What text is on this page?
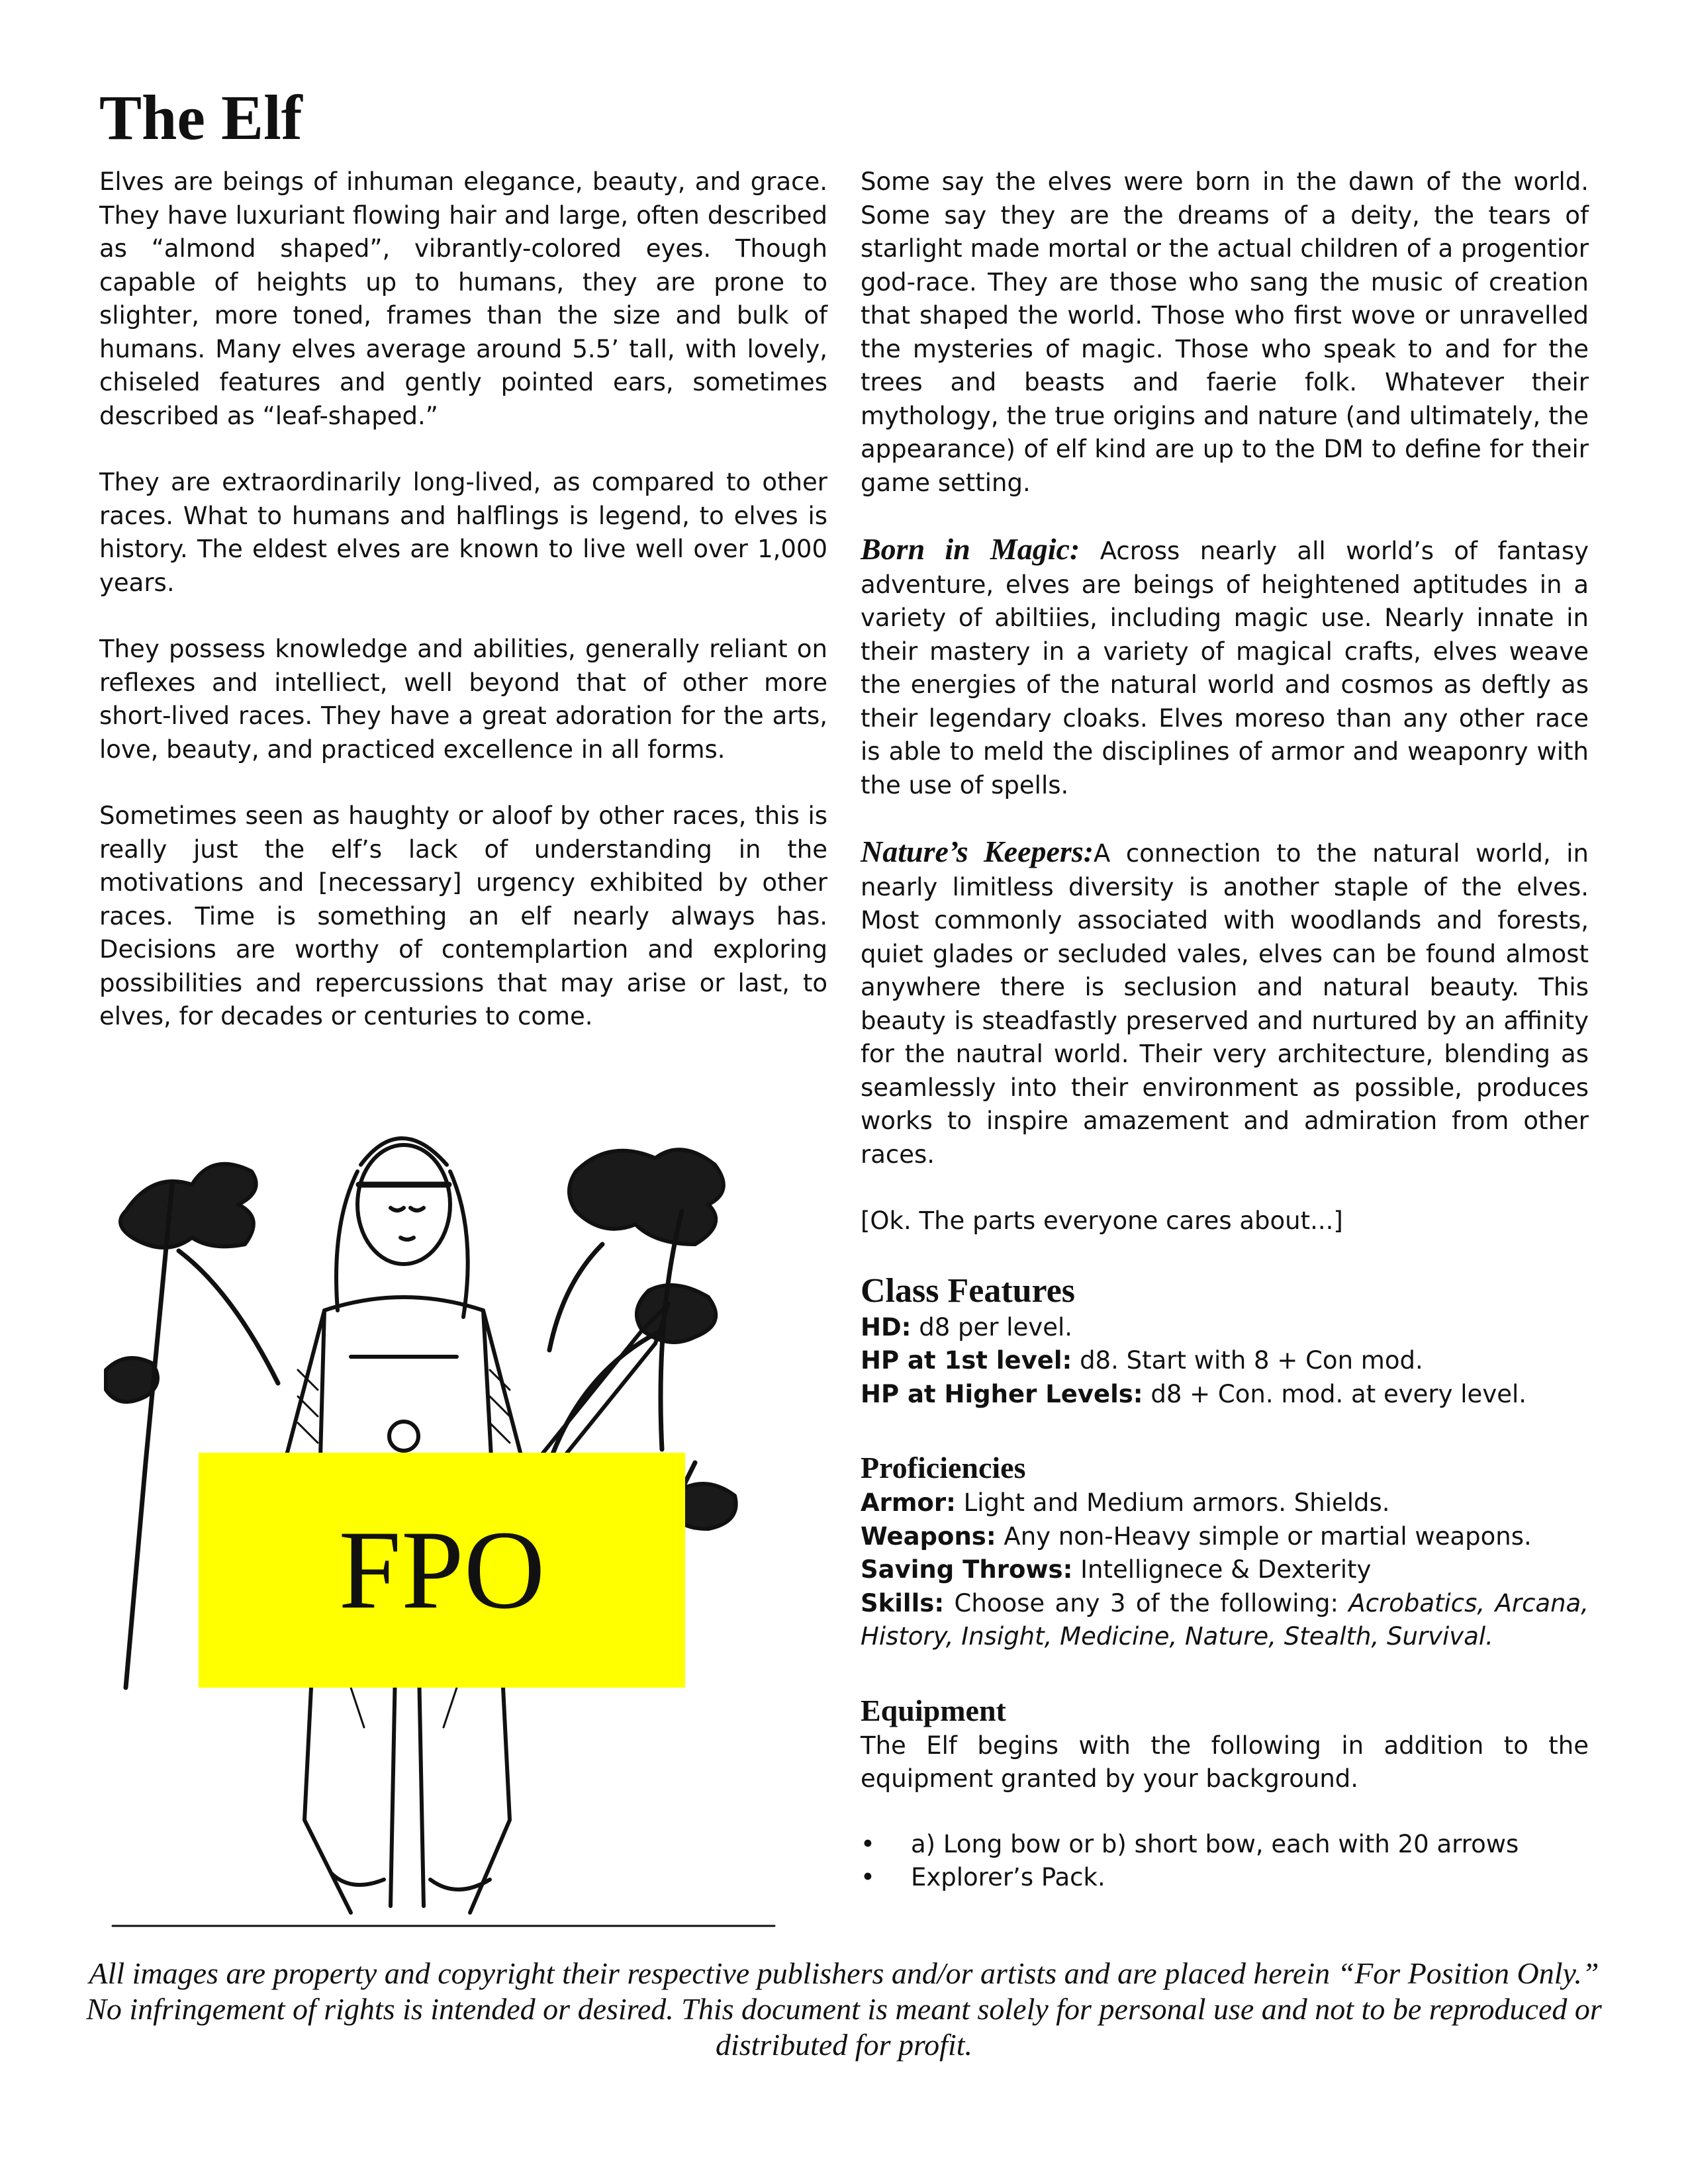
The Elf

Elves are beings of inhuman elegance, beauty, and grace. They have luxuriant flowing hair and large, often described as “almond shaped”, vibrantly-colored eyes. Though capable of heights up to humans, they are prone to slighter, more toned, frames than the size and bulk of humans. Many elves average around 5.5’ tall, with lovely, chiseled features and gently pointed ears, sometimes described as “leaf-shaped.”

They are extraordinarily long-lived, as compared to other races. What to humans and halflings is legend, to elves is history. The eldest elves are known to live well over 1,000 years.

They possess knowledge and abilities, generally reliant on reflexes and intelliect, well beyond that of other more short-lived races. They have a great adoration for the arts, love, beauty, and practiced excellence in all forms.

Sometimes seen as haughty or aloof by other races, this is really just the elf’s lack of understanding in the motivations and [necessary] urgency exhibited by other races. Time is something an elf nearly always has. Decisions are worthy of contemplartion and exploring possibilities and repercussions that may arise or last, to elves, for decades or centuries to come.

Some say the elves were born in the dawn of the world. Some say they are the dreams of a deity, the tears of starlight made mortal or the actual children of a progentior god-race. They are those who sang the music of creation that shaped the world. Those who first wove or unravelled the mysteries of magic. Those who speak to and for the trees and beasts and faerie folk. Whatever their mythology, the true origins and nature (and ultimately, the appearance) of elf kind are up to the DM to define for their game setting.

Born in Magic: Across nearly all world’s of fantasy adventure, elves are beings of heightened aptitudes in a variety of abiltiies, including magic use. Nearly innate in their mastery in a variety of magical crafts, elves weave the energies of the natural world and cosmos as deftly as their legendary cloaks. Elves moreso than any other race is able to meld the disciplines of armor and weaponry with the use of spells.

Nature’s Keepers:A connection to the natural world, in nearly limitless diversity is another staple of the elves. Most commonly associated with woodlands and forests, quiet glades or secluded vales, elves can be found almost anywhere there is seclusion and natural beauty. This beauty is steadfastly preserved and nurtured by an affinity for the nautral world. Their very architecture, blending as seamlessly into their environment as possible, produces works to inspire amazement and admiration from other races.

[Ok. The parts everyone cares about...]

Class Features

HD: d8 per level.

HP at 1st level: d8. Start with 8 + Con mod.

HP at Higher Levels: d8 + Con. mod. at every level.

Proficiencies

Armor: Light and Medium armors. Shields.

Weapons: Any non-Heavy simple or martial weapons.

Saving Throws: Intellignece & Dexterity

Skills: Choose any 3 of the following: Acrobatics, Arcana, History, Insight, Medicine, Nature, Stealth, Survival.

Equipment

The Elf begins with the following in addition to the equipment granted by your background.

• a) Long bow or b) short bow, each with 20 arrows
• Explorer’s Pack.
FPO

All images are property and copyright their respective publishers and/or artists and are placed herein “For Position Only.” No infringement of rights is intended or desired. This document is meant solely for personal use and not to be reproduced or distributed for profit.
